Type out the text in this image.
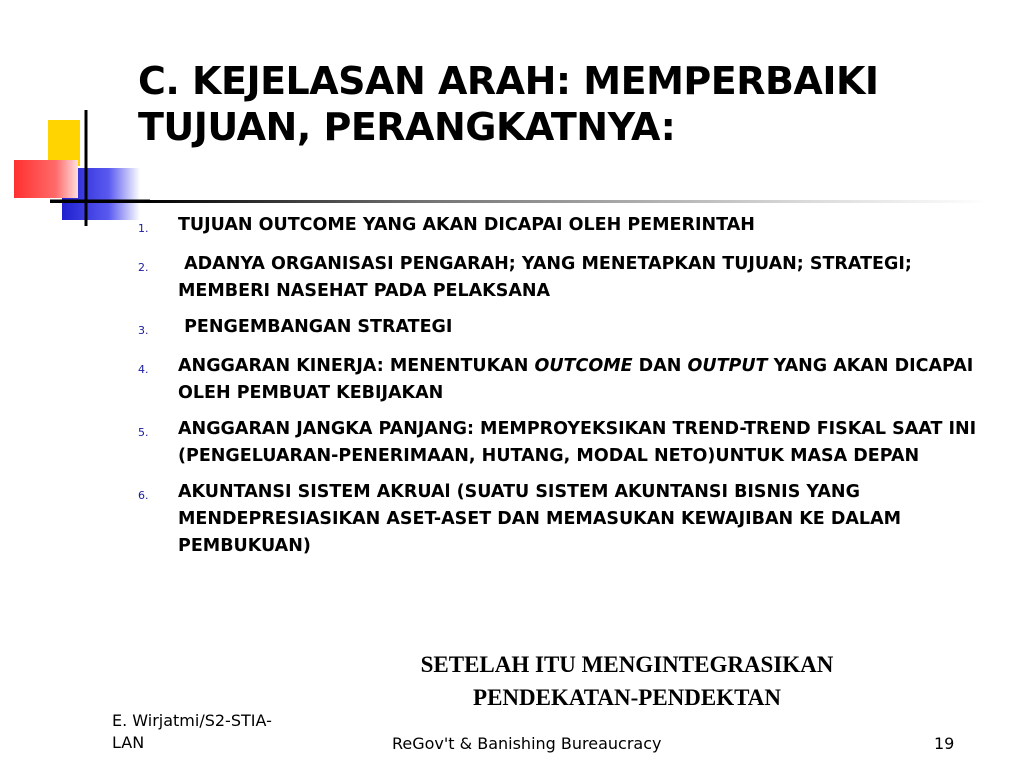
C. KEJELASAN ARAH: MEMPERBAIKI
TUJUAN, PERANGKATNYA:
1.	TUJUAN OUTCOME YANG AKAN DICAPAI OLEH PEMERINTAH
2.	ADANYA ORGANISASI PENGARAH; YANG MENETAPKAN TUJUAN; STRATEGI; MEMBERI NASEHAT PADA PELAKSANA
3.	PENGEMBANGAN STRATEGI
4.	ANGGARAN KINERJA: MENENTUKAN OUTCOME DAN OUTPUT YANG AKAN DICAPAI OLEH PEMBUAT KEBIJAKAN
5.	ANGGARAN JANGKA PANJANG: MEMPROYEKSIKAN TREND-TREND FISKAL SAAT INI (PENGELUARAN-PENERIMAAN, HUTANG, MODAL NETO)UNTUK MASA DEPAN
6.	AKUNTANSI SISTEM AKRUAl (SUATU SISTEM AKUNTANSI BISNIS YANG MENDEPRESIASIKAN ASET-ASET DAN MEMASUKAN KEWAJIBAN KE DALAM PEMBUKUAN)
SETELAH ITU MENGINTEGRASIKAN
PENDEKATAN-PENDEKTAN
E. Wirjatmi/S2-STIA-
LAN	ReGov't & Banishing Bureaucracy	19
